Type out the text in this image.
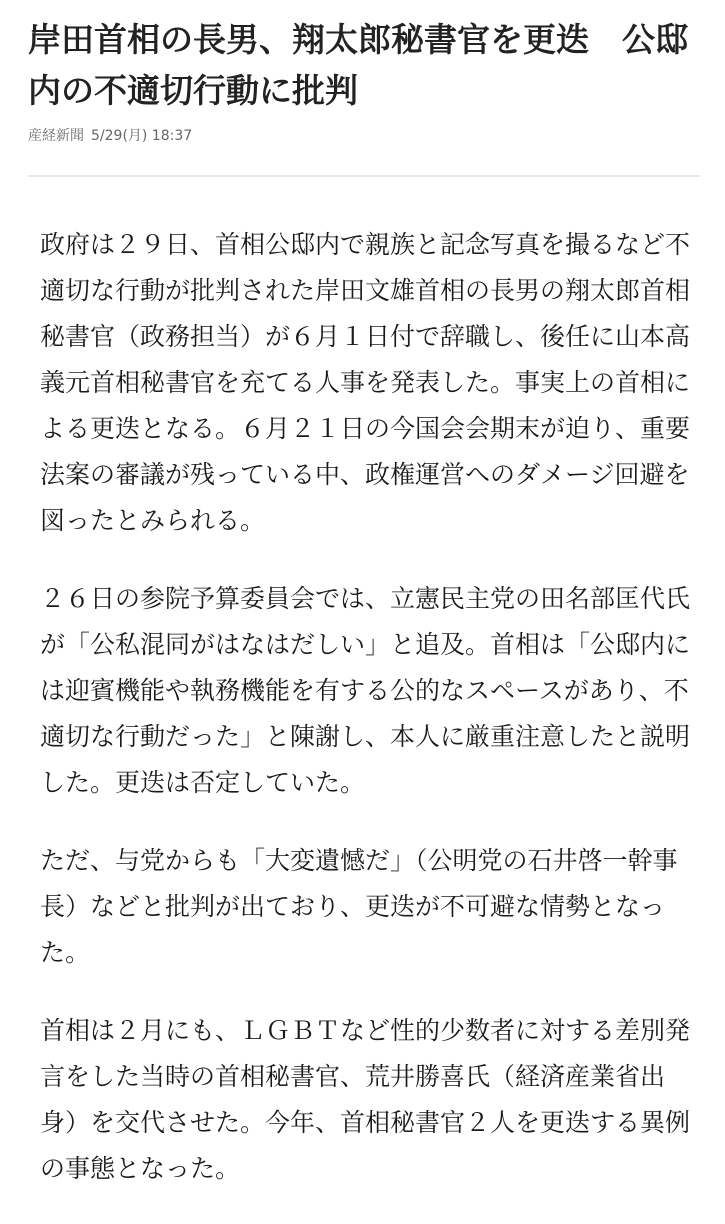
岸田首相の長男、翔太郎秘書官を更迭　公邸
内の不適切行動に批判
産経新聞 5/29(月) 18:37

政府は２９日、首相公邸内で親族と記念写真を撮るなど不
適切な行動が批判された岸田文雄首相の長男の翔太郎首相
秘書官（政務担当）が６月１日付で辞職し、後任に山本高
義元首相秘書官を充てる人事を発表した。事実上の首相に
よる更迭となる。６月２１日の今国会会期末が迫り、重要
法案の審議が残っている中、政権運営へのダメージ回避を
図ったとみられる。

２６日の参院予算委員会では、立憲民主党の田名部匡代氏
が「公私混同がはなはだしい」と追及。首相は「公邸内に
は迎賓機能や執務機能を有する公的なスペースがあり、不
適切な行動だった」と陳謝し、本人に厳重注意したと説明
した。更迭は否定していた。

ただ、与党からも「大変遺憾だ」（公明党の石井啓一幹事
長）などと批判が出ており、更迭が不可避な情勢となっ
た。

首相は２月にも、ＬＧＢＴなど性的少数者に対する差別発
言をした当時の首相秘書官、荒井勝喜氏（経済産業省出
身）を交代させた。今年、首相秘書官２人を更迭する異例
の事態となった。
